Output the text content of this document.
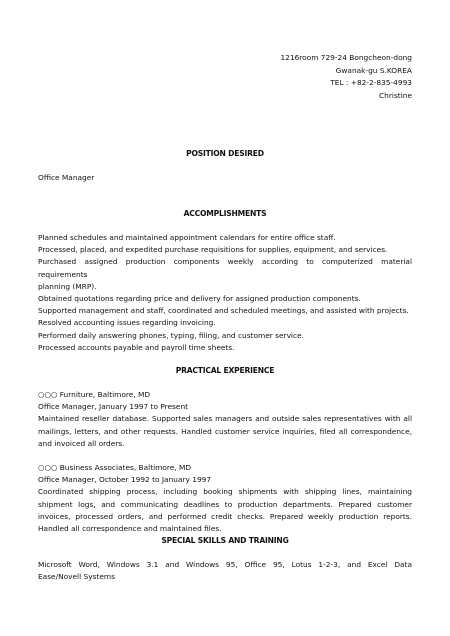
1216room 729-24 Bongcheon-dong
Gwanak-gu S.KOREA
TEL : +82-2-835-4993
Christine
POSITION DESIRED
Office Manager
ACCOMPLISHMENTS
Planned schedules and maintained appointment calendars for entire office staff.
Processed, placed, and expedited purchase requisitions for supplies, equipment, and services.
Purchased assigned production components weekly according to computerized material requirements
planning (MRP).
Obtained quotations regarding price and delivery for assigned production components.
Supported management and staff, coordinated and scheduled meetings, and assisted with projects.
Resolved accounting issues regarding invoicing.
Performed daily answering phones, typing, filing, and customer service.
Processed accounts payable and payroll time sheets.
PRACTICAL EXPERIENCE
○○○ Furniture, Baltimore, MD
Office Manager, January 1997 to Present
Maintained reseller database. Supported sales managers and outside sales representatives with all
mailings, letters, and other requests. Handled customer service inquiries, filed all correspondence,
and invoiced all orders.
○○○ Business Associates, Baltimore, MD
Office Manager, October 1992 to January 1997
Coordinated shipping process, including booking shipments with shipping lines, maintaining
shipment logs, and communicating deadlines to production departments. Prepared customer
invoices, processed orders, and performed credit checks. Prepared weekly production reports.
Handled all correspondence and maintained files.
SPECIAL SKILLS AND TRAINING
Microsoft Word, Windows 3.1 and Windows 95, Office 95, Lotus 1-2-3, and Excel Data
Ease/Novell Systems
